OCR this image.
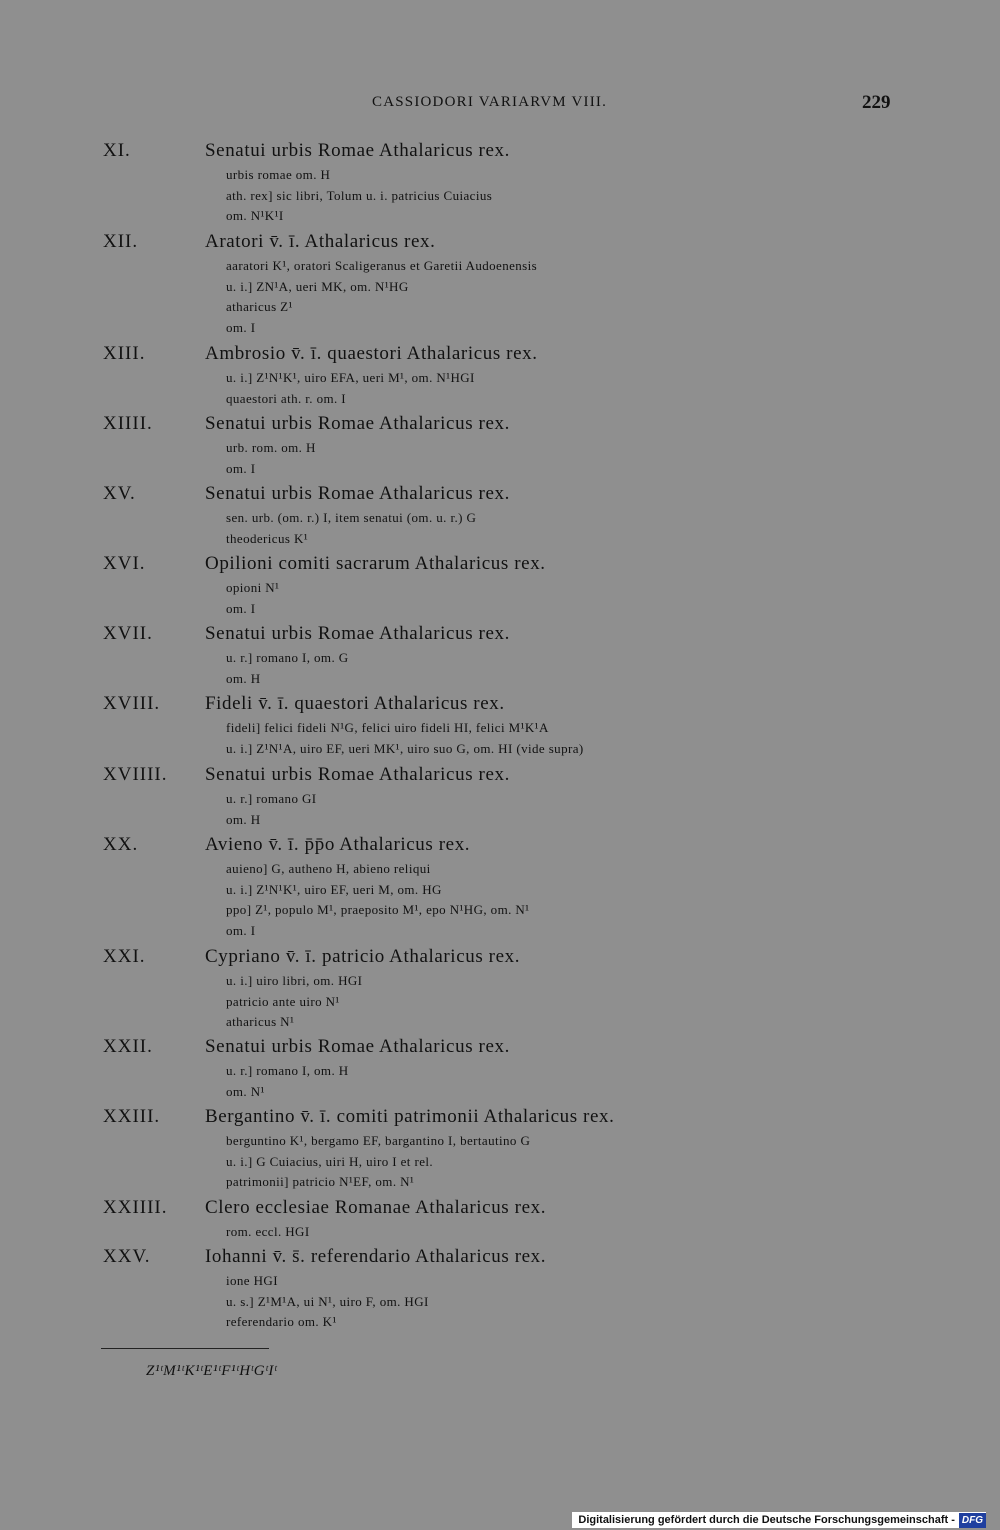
CASSIODORI VARIARVM VIII.	229
XI.	Senatui urbis Romae Athalaricus rex.
urbis romae om. H
ath. rex] sic libri, Tolum u. i. patricius Cuiacius
om. N¹K¹I
XII.	Aratori v̄. ī. Athalaricus rex.
aaratori K¹, oratori Scaligeranus et Garetii Audoenensis
u. i.] ZN¹A, ueri MK, om. N¹HG
atharicus Z¹
om. I
XIII.	Ambrosio v̄. ī. quaestori Athalaricus rex.
u. i.] Z¹N¹K¹, uiro EFA, ueri M¹, om. N¹HGI
quaestori ath. r. om. I
XIIII.	Senatui urbis Romae Athalaricus rex.
urb. rom. om. H
om. I
XV.	Senatui urbis Romae Athalaricus rex.
sen. urb. (om. r.) I, item senatui (om. u. r.) G
theodericus K¹
XVI.	Opilioni comiti sacrarum Athalaricus rex.
opioni N¹
om. I
XVII.	Senatui urbis Romae Athalaricus rex.
u. r.] romano I, om. G
om. H
XVIII. Fideli v̄. ī. quaestori Athalaricus rex.
fideli] felici fideli N¹G, felici uiro fideli HI, felici M¹K¹A
u. i.] Z¹N¹A, uiro EF, ueri MK¹, uiro suo G, om. HI (vide supra)
XVIIII. Senatui urbis Romae Athalaricus rex.
u. r.] romano GI
om. H
XX.	Avieno v̄. ī. p̄p̄o Athalaricus rex.
auieno] G, autheno H, abieno reliqui
u. i.] Z¹N¹K¹, uiro EF, ueri M, om. HG
ppo] Z¹, populo M¹, praeposito M¹, epo N¹HG, om. N¹
om. I
XXI.	Cypriano v̄. ī. patricio Athalaricus rex.
u. i.] uiro libri, om. HGI
patricio ante uiro N¹
atharicus N¹
XXII.	Senatui urbis Romae Athalaricus rex.
u. r.] romano I, om. H
om. N¹
XXIII. Bergantino v̄. ī. comiti patrimonii Athalaricus rex.
berguntino K¹, bergamo EF, bargantino I, bertautino G
u. i.] G Cuiacius, uiri H, uiro I et rel.
patrimonii] patricio N¹EF, om. N¹
XXIIII. Clero ecclesiae Romanae Athalaricus rex.
rom. eccl. HGI
XXV.	Iohanni v̄. s̄. referendario Athalaricus rex.
ione HGI
u. s.] Z¹M¹A, ui N¹, uiro F, om. HGI
referendario om. K¹
Z¹ᵗM¹ᵗK¹ᵗE¹ᵗF¹ᵗHᵗGᵗIᵗ
Digitalisierung gefördert durch die Deutsche Forschungsgemeinschaft - DFG
